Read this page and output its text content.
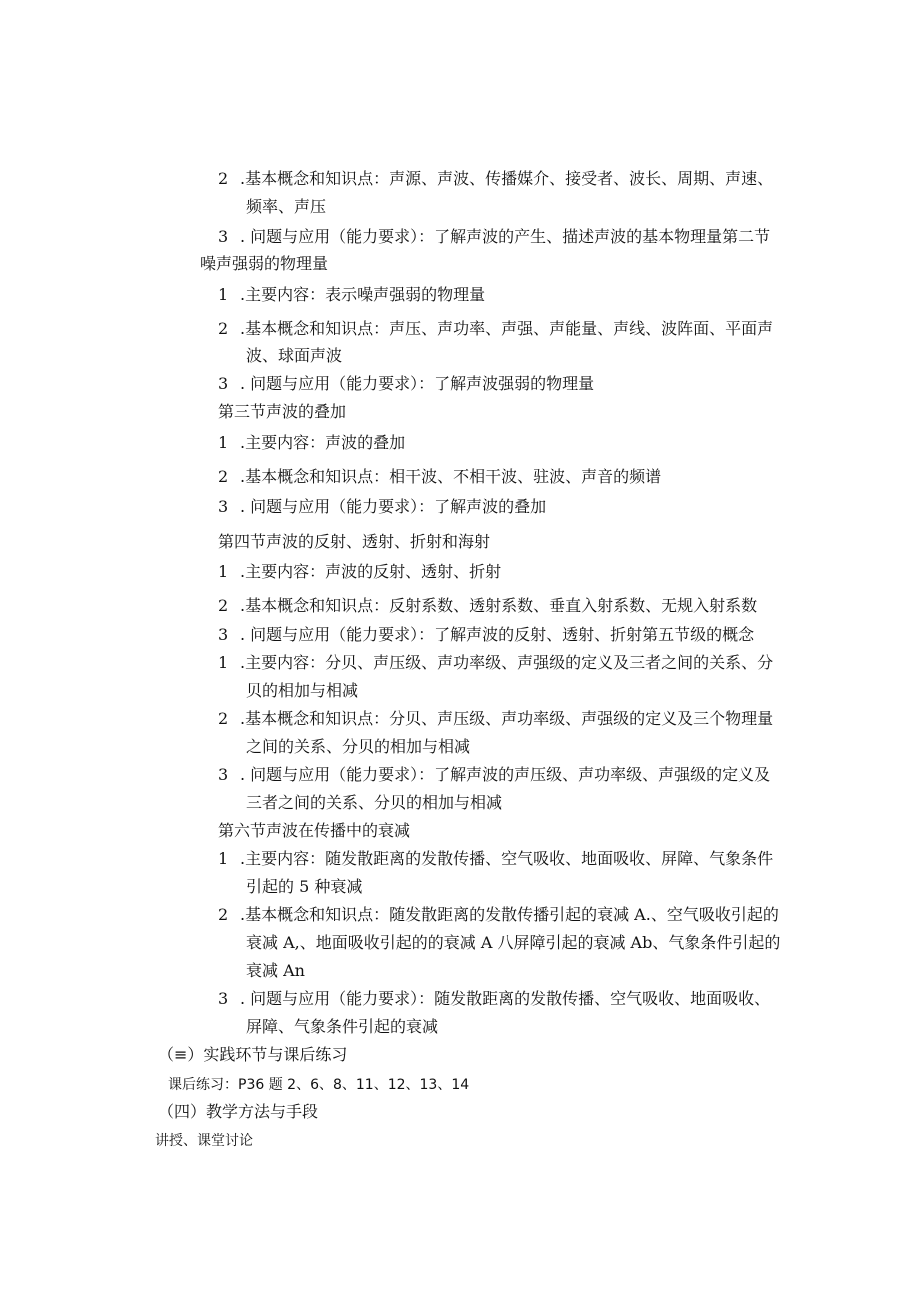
2 .基本概念和知识点：声源、声波、传播媒介、接受者、波长、周期、声速、
频率、声压
3 . 问题与应用（能力要求）：了解声波的产生、描述声波的基本物理量第二节
噪声强弱的物理量
1 .主要内容：表示噪声强弱的物理量
2 .基本概念和知识点：声压、声功率、声强、声能量、声线、波阵面、平面声
波、球面声波
3 . 问题与应用（能力要求）：了解声波强弱的物理量
第三节声波的叠加
1 .主要内容：声波的叠加
2 .基本概念和知识点：相干波、不相干波、驻波、声音的频谱
3 . 问题与应用（能力要求）：了解声波的叠加
第四节声波的反射、透射、折射和海射
1 .主要内容：声波的反射、透射、折射
2 .基本概念和知识点：反射系数、透射系数、垂直入射系数、无规入射系数
3 . 问题与应用（能力要求）：了解声波的反射、透射、折射第五节级的概念
1 .主要内容：分贝、声压级、声功率级、声强级的定义及三者之间的关系、分
贝的相加与相减
2 .基本概念和知识点：分贝、声压级、声功率级、声强级的定义及三个物理量
之间的关系、分贝的相加与相减
3 . 问题与应用（能力要求）：了解声波的声压级、声功率级、声强级的定义及
三者之间的关系、分贝的相加与相减
第六节声波在传播中的衰减
1 .主要内容：随发散距离的发散传播、空气吸收、地面吸收、屏障、气象条件
引起的 5 种衰减
2 .基本概念和知识点：随发散距离的发散传播引起的衰减 A.、空气吸收引起的
衰减 A,、地面吸收引起的的衰减 A 八屏障引起的衰减 Ab、气象条件引起的
衰减 An
3 . 问题与应用（能力要求）：随发散距离的发散传播、空气吸收、地面吸收、
屏障、气象条件引起的衰减
（≡）实践环节与课后练习
课后练习：P36 题 2、6、8、11、12、13、14
（四）教学方法与手段
讲授、课堂讨论
